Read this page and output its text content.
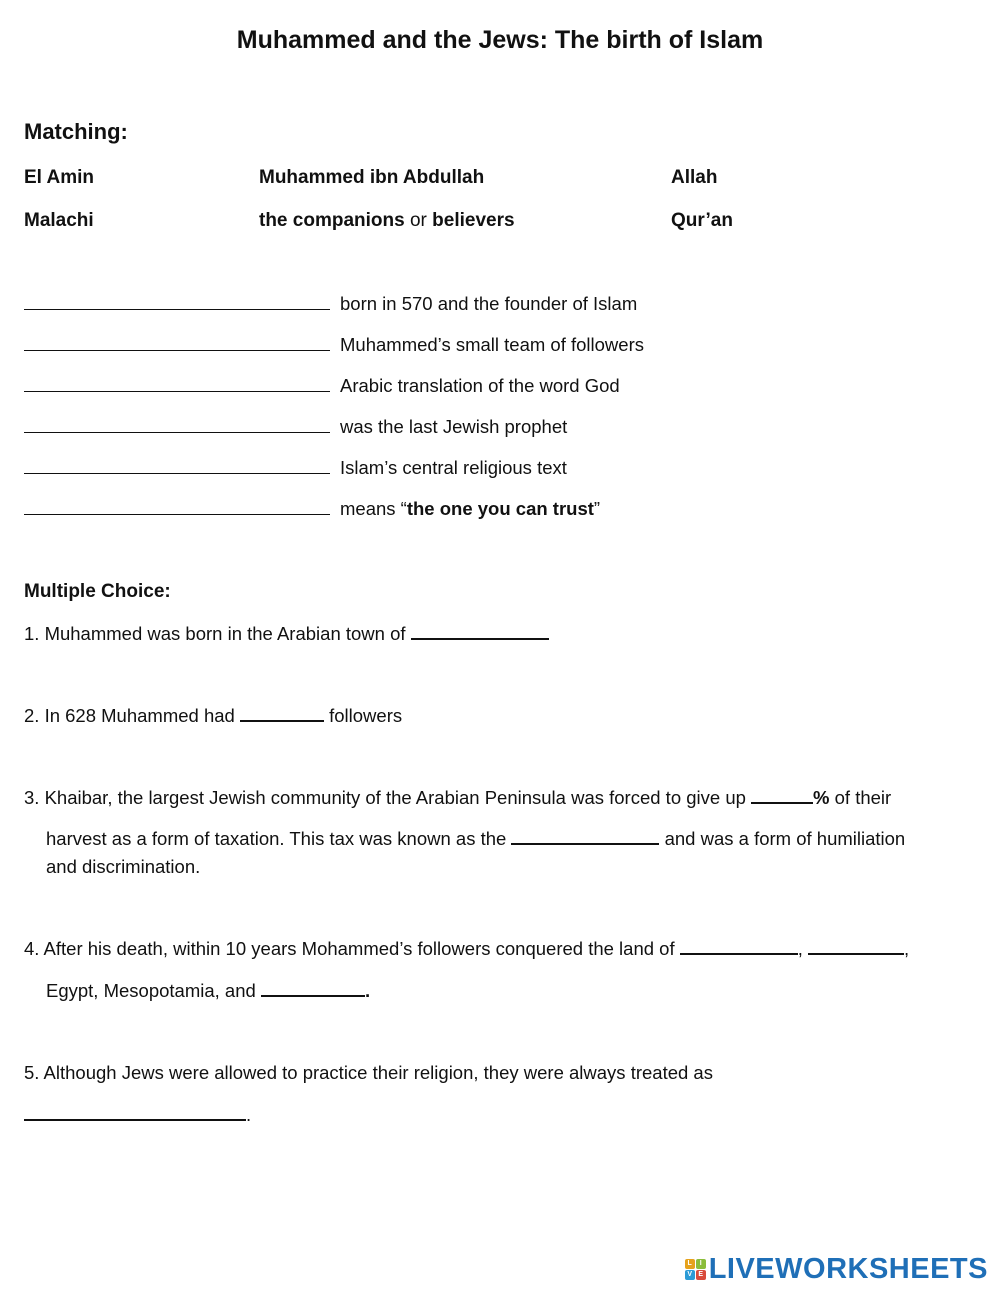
Muhammed and the Jews: The birth of Islam
Matching:
El Amin	Muhammed ibn Abdullah	Allah
Malachi	the companions or believers	Qur’an
born in 570 and the founder of Islam
Muhammed’s small team of followers
Arabic translation of the word God
was the last Jewish prophet
Islam’s central religious text
means “the one you can trust”
Multiple Choice:
1. Muhammed was born in the Arabian town of
2. In 628 Muhammed had	followers
3. Khaibar, the largest Jewish community of the Arabian Peninsula was forced to give up	% of their
harvest as a form of taxation. This tax was known as the	and was a form of humiliation
and discrimination.
4. After his death, within 10 years Mohammed’s followers conquered the land of	,	,
Egypt, Mesopotamia, and	.
5. Although Jews were allowed to practice their religion, they were always treated as
.
L	I
V E LIVEWORKSHEETS
